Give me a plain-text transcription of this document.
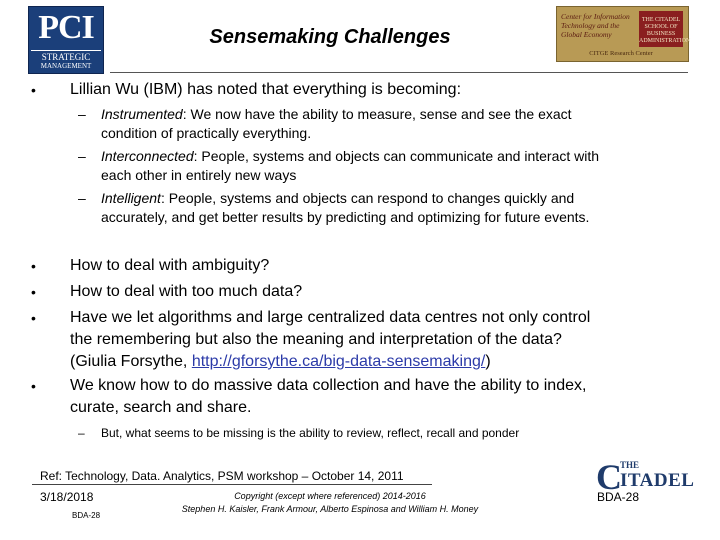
PCI
STRATEGIC
MANAGEMENT
Sensemaking Challenges
Center for Information Technology and the Global Economy
THE CITADEL SCHOOL OF BUSINESS ADMINISTRATION
CITGE Research Center
• Lillian Wu (IBM) has noted that everything is becoming:
– Instrumented: We now have the ability to measure, sense and see the exact
condition of practically everything.
– Interconnected: People, systems and objects can communicate and interact with
each other in entirely new ways
– Intelligent: People, systems and objects can respond to changes quickly and
accurately, and get better results by predicting and optimizing for future events.
• How to deal with ambiguity?
• How to deal with too much data?
• Have we let algorithms and large centralized data centres not only control
the remembering but also the meaning and interpretation of the data?
(Giulia Forsythe, http://gforsythe.ca/big-data-sensemaking/)
• We know how to do massive data collection and have the ability to index,
curate, search and share.
– But, what seems to be missing is the ability to review, reflect, recall and ponder
Ref: Technology, Data. Analytics, PSM workshop – October 14, 2011
3/18/2018
BDA-28
Copyright (except where referenced) 2014-2016
Stephen H. Kaisler, Frank Armour, Alberto Espinosa and William H. Money
C
THE
ITADEL
BDA-28
